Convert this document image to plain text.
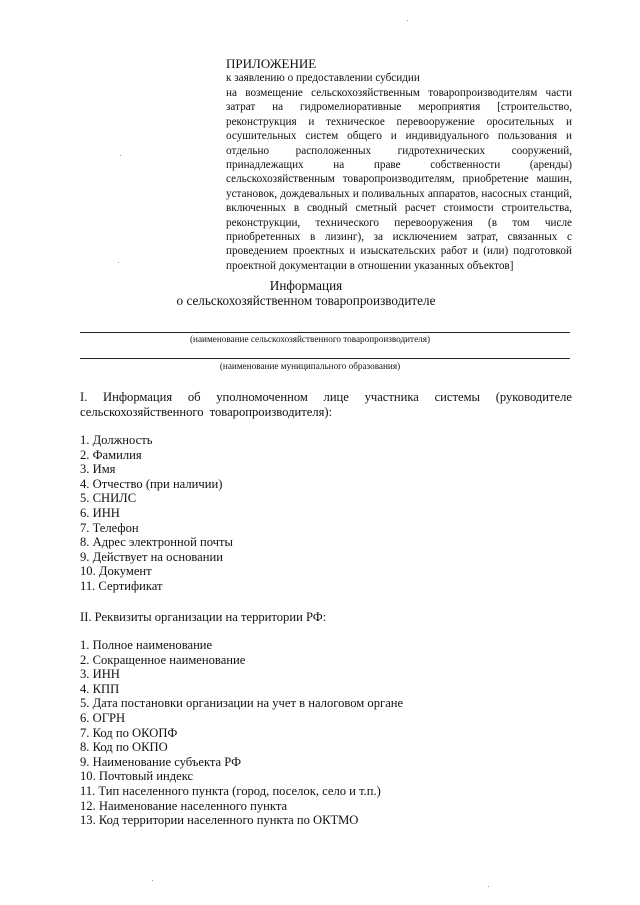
ПРИЛОЖЕНИЕ
к заявлению о предоставлении субсидии
на возмещение сельскохозяйственным товаропроизводителям части затрат на гидромелиоративные мероприятия [строительство, реконструкция и техническое перевооружение оросительных и осушительных систем общего и индивидуального пользования и отдельно расположенных гидротехнических сооружений, принадлежащих на праве собственности (аренды) сельскохозяйственным товаропроизводителям, приобретение машин, установок, дождевальных и поливальных аппаратов, насосных станций, включенных в сводный сметный расчет стоимости строительства, реконструкции, технического перевооружения (в том числе приобретенных в лизинг), за исключением затрат, связанных с проведением проектных и изыскательских работ и (или) подготовкой проектной документации в отношении указанных объектов]
Информация
о сельскохозяйственном товаропроизводителе
(наименование сельскохозяйственного товаропроизводителя)
(наименование муниципального образования)
I. Информация об уполномоченном лице участника системы (руководителе сельскохозяйственного товаропроизводителя):
1. Должность
2. Фамилия
3. Имя
4. Отчество (при наличии)
5. СНИЛС
6. ИНН
7. Телефон
8. Адрес электронной почты
9. Действует на основании
10. Документ
11. Сертификат
II. Реквизиты организации на территории РФ:
1. Полное наименование
2. Сокращенное наименование
3. ИНН
4. КПП
5. Дата постановки организации на учет в налоговом органе
6. ОГРН
7. Код по ОКОПФ
8. Код по ОКПО
9. Наименование субъекта РФ
10. Почтовый индекс
11. Тип населенного пункта (город, поселок, село и т.п.)
12. Наименование населенного пункта
13. Код территории населенного пункта по ОКТМО
